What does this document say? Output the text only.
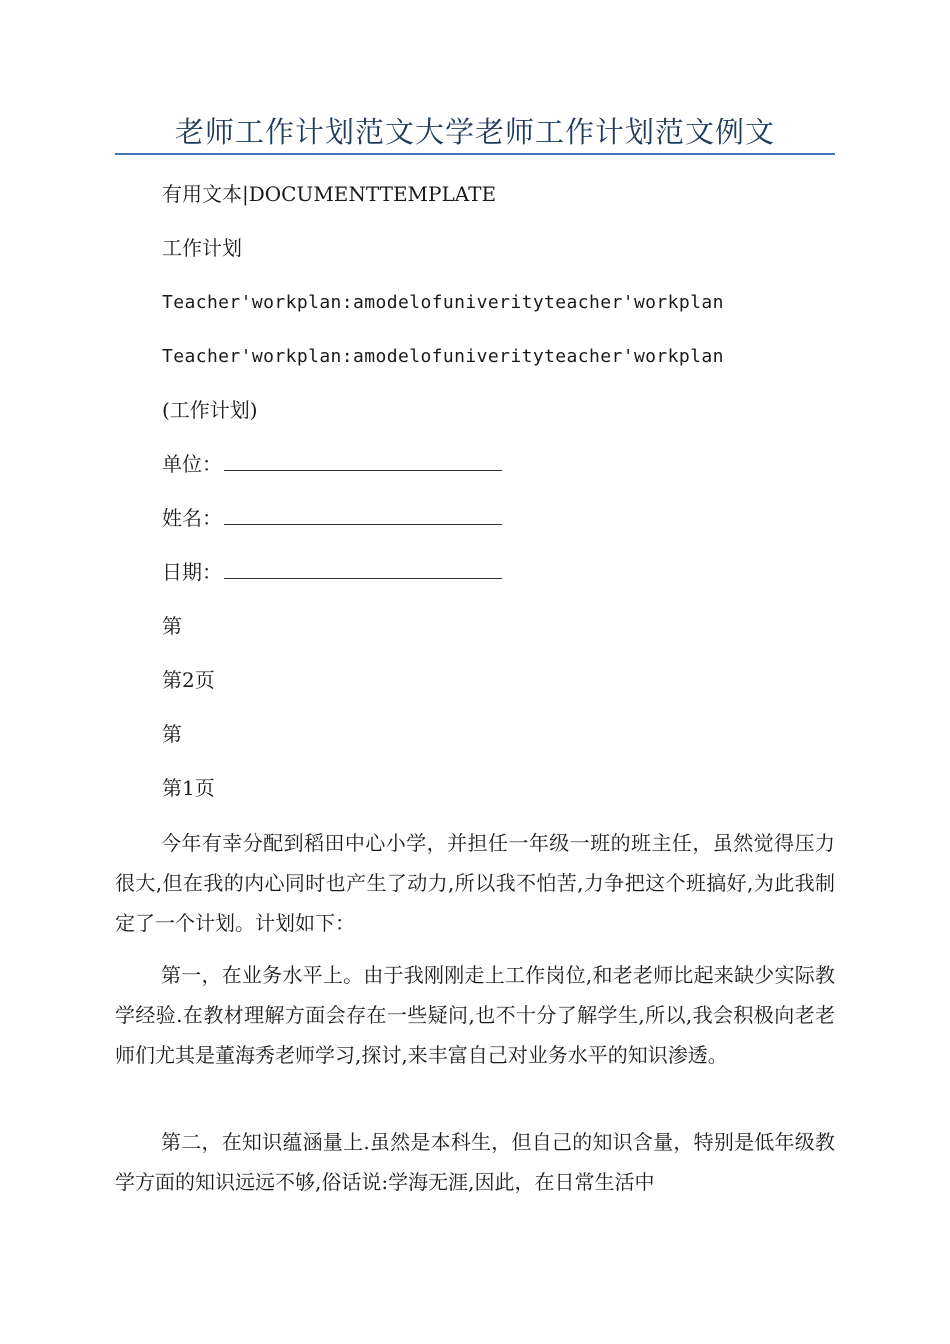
老师工作计划范文大学老师工作计划范文例文

有用文本|DOCUMENTTEMPLATE

工作计划

Teacher'workplan:amodelofuniverityteacher'workplan

Teacher'workplan:amodelofuniverityteacher'workplan

(工作计划)

单位：

姓名：

日期：

第

第2页

第

第1页

今年有幸分配到稻田中心小学，并担任一年级一班的班主任，虽然觉得压力很大,但在我的内心同时也产生了动力,所以我不怕苦,力争把这个班搞好,为此我制定了一个计划。计划如下：

第一，在业务水平上。由于我刚刚走上工作岗位,和老老师比起来缺少实际教学经验.在教材理解方面会存在一些疑问,也不十分了解学生,所以,我会积极向老老师们尤其是董海秀老师学习,探讨,来丰富自己对业务水平的知识渗透。

第二，在知识蕴涵量上.虽然是本科生，但自己的知识含量，特别是低年级教学方面的知识远远不够,俗话说:学海无涯,因此，在日常生活中
